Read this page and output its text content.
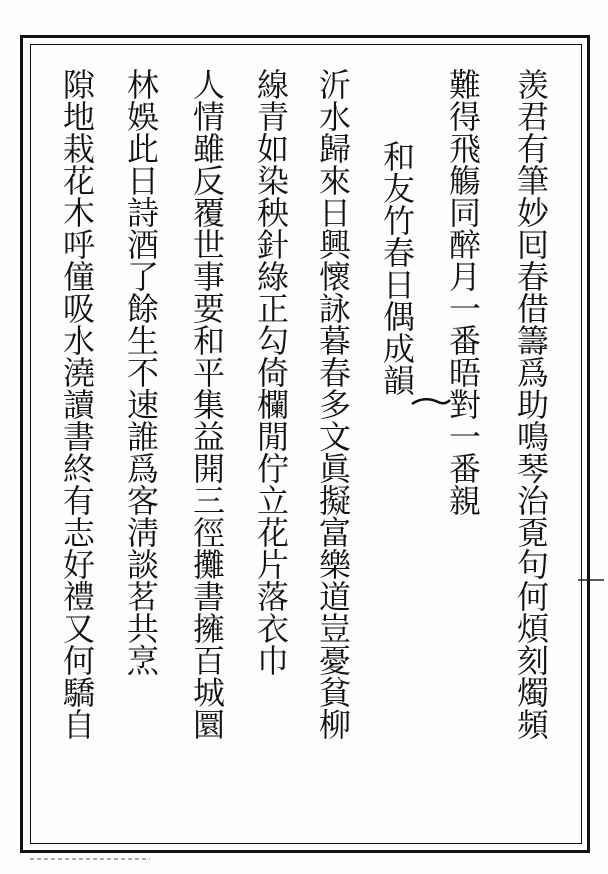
羡君有筆妙囘春借籌爲助鳴琴治覔句何煩刻燭頻
難得飛觴同醉月一番晤對一番親
和友竹春日偶成韻
沂水歸來日興懷詠暮春多文眞擬富樂道豈憂貧柳
線青如染秧針綠正勾倚欄閒佇立花片落衣巾
人情雖反覆世事要和平集益開三徑攤書擁百城圜
林娛此日詩酒了餘生不速誰爲客淸談茗共烹
隙地栽花木呼僮吸水澆讀書終有志好禮又何驕自
